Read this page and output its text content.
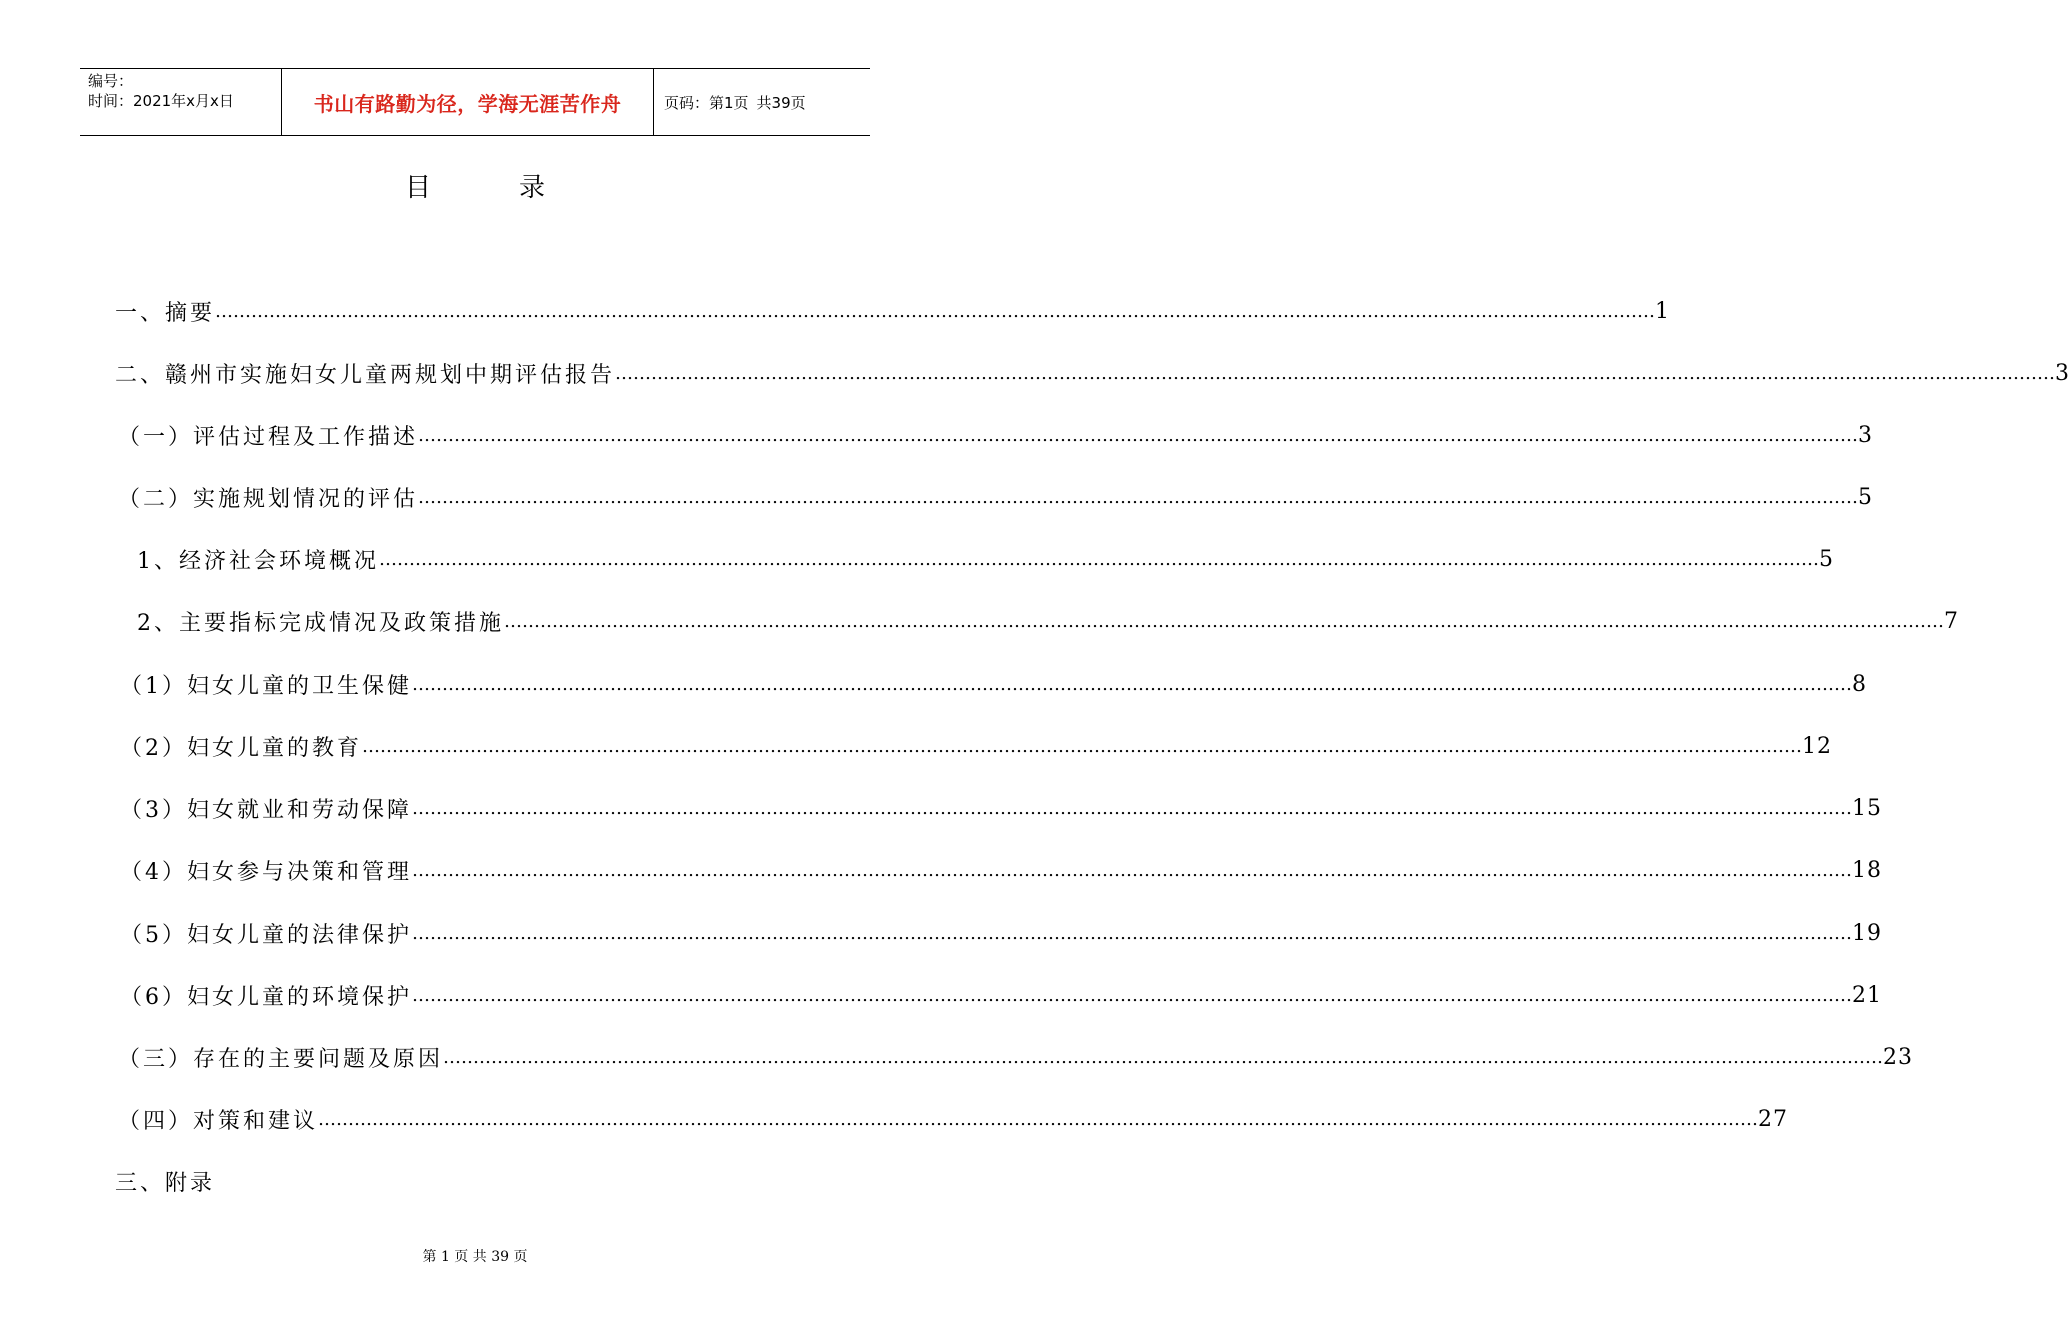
编号：
时间：2021年x月x日	书山有路勤为径，学海无涯苦作舟	页码：第1页 共39页
目录
一、摘要 …………………………………………………………………………………………………………………………………………………………………………………………………………………… 1
二、赣州市实施妇女儿童两规划中期评估报告 …………………………………………………………………………………………………………………………………………………………………………………………………………………… 3
（一）评估过程及工作描述 …………………………………………………………………………………………………………………………………………………………………………………………………………………… 3
（二）实施规划情况的评估 …………………………………………………………………………………………………………………………………………………………………………………………………………………… 5
1、经济社会环境概况 …………………………………………………………………………………………………………………………………………………………………………………………………………………… 5
2、主要指标完成情况及政策措施 …………………………………………………………………………………………………………………………………………………………………………………………………………………… 7
（1）妇女儿童的卫生保健 …………………………………………………………………………………………………………………………………………………………………………………………………………………… 8
（2）妇女儿童的教育 …………………………………………………………………………………………………………………………………………………………………………………………………………………… 12
（3）妇女就业和劳动保障 …………………………………………………………………………………………………………………………………………………………………………………………………………………… 15
（4）妇女参与决策和管理 …………………………………………………………………………………………………………………………………………………………………………………………………………………… 18
（5）妇女儿童的法律保护 …………………………………………………………………………………………………………………………………………………………………………………………………………………… 19
（6）妇女儿童的环境保护 …………………………………………………………………………………………………………………………………………………………………………………………………………………… 21
（三）存在的主要问题及原因 …………………………………………………………………………………………………………………………………………………………………………………………………………………… 23
（四）对策和建议 …………………………………………………………………………………………………………………………………………………………………………………………………………………… 27
三、附录
第 1 页 共 39 页
